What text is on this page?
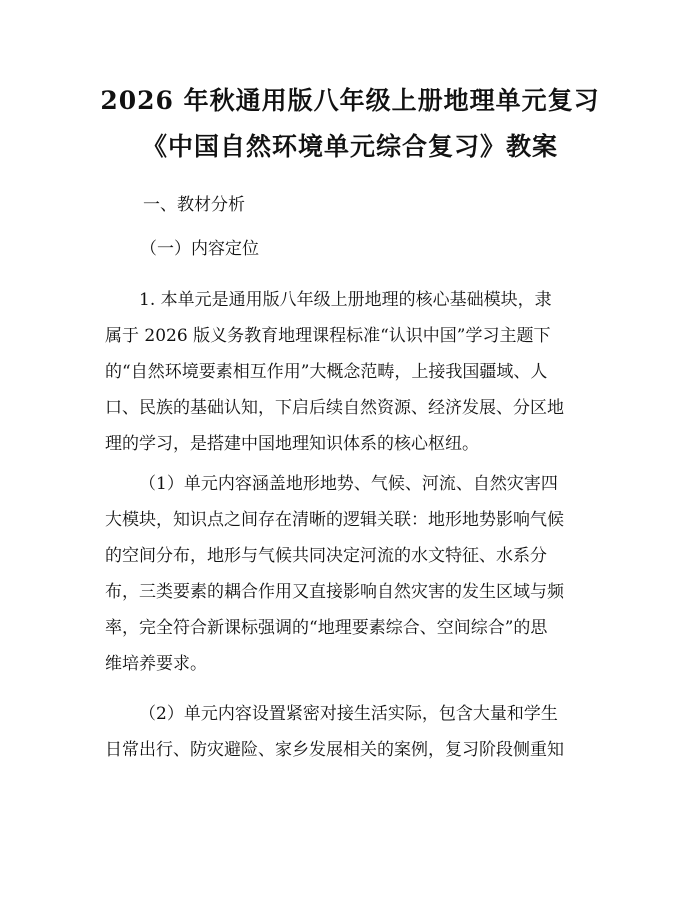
2026 年秋通用版八年级上册地理单元复习
《中国自然环境单元综合复习》教案
一、教材分析
（一）内容定位
1. 本单元是通用版八年级上册地理的核心基础模块，隶
属于 2026 版义务教育地理课程标准“认识中国”学习主题下
的“自然环境要素相互作用”大概念范畴，上接我国疆域、人
口、民族的基础认知，下启后续自然资源、经济发展、分区地
理的学习，是搭建中国地理知识体系的核心枢纽。
（1）单元内容涵盖地形地势、气候、河流、自然灾害四
大模块，知识点之间存在清晰的逻辑关联：地形地势影响气候
的空间分布，地形与气候共同决定河流的水文特征、水系分
布，三类要素的耦合作用又直接影响自然灾害的发生区域与频
率，完全符合新课标强调的“地理要素综合、空间综合”的思
维培养要求。
（2）单元内容设置紧密对接生活实际，包含大量和学生
日常出行、防灾避险、家乡发展相关的案例，复习阶段侧重知
